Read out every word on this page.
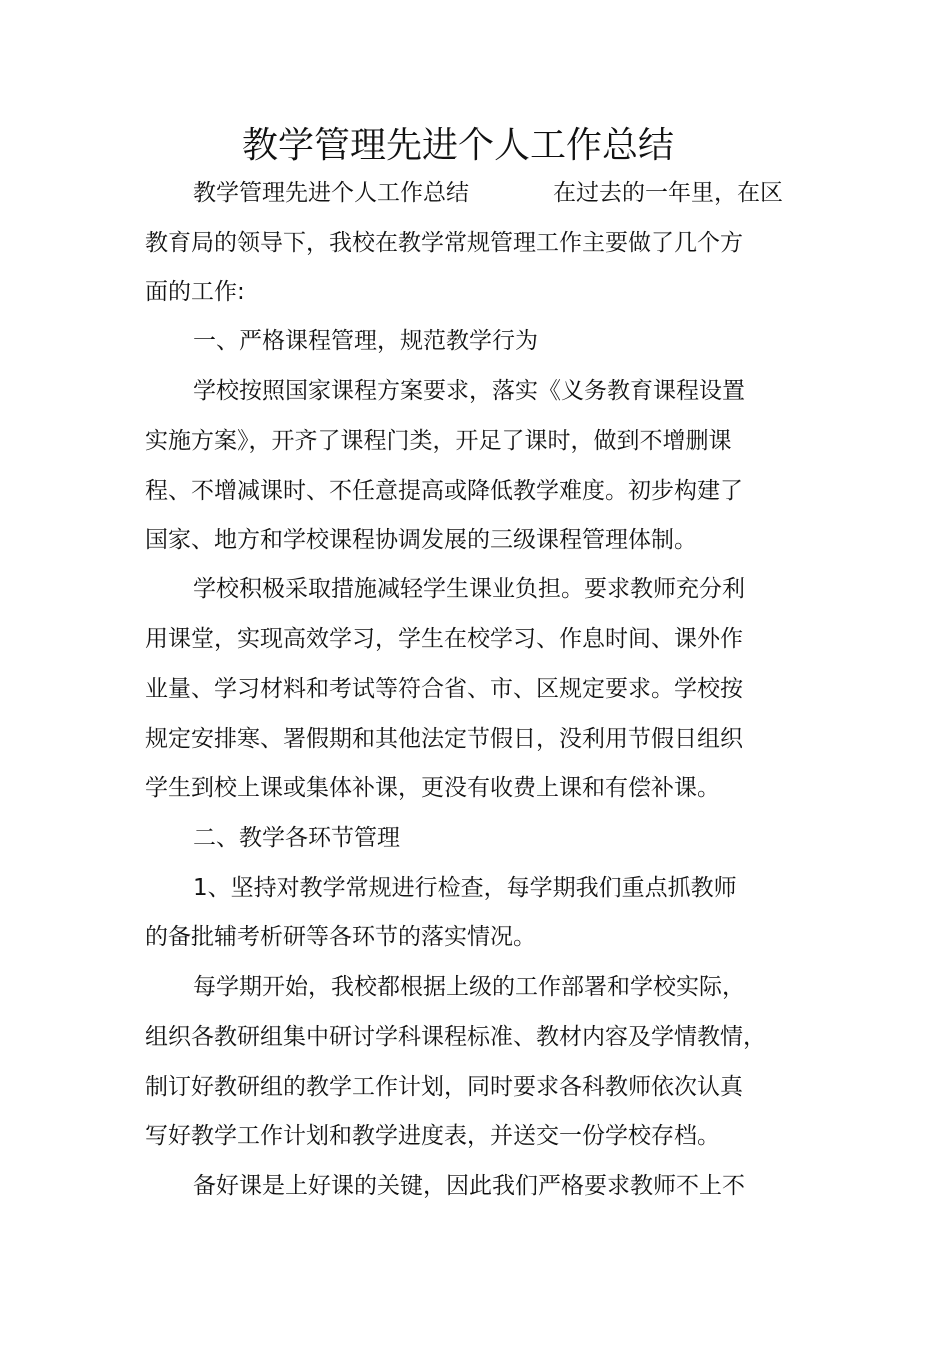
教学管理先进个人工作总结

教学管理先进个人工作总结	在过去的一年里，在区

教育局的领导下，我校在教学常规管理工作主要做了几个方

面的工作:

一、严格课程管理，规范教学行为

学校按照国家课程方案要求，落实《义务教育课程设置

实施方案》，开齐了课程门类，开足了课时，做到不增删课

程、不增减课时、不任意提高或降低教学难度。初步构建了

国家、地方和学校课程协调发展的三级课程管理体制。

学校积极采取措施减轻学生课业负担。要求教师充分利

用课堂，实现高效学习，学生在校学习、作息时间、课外作

业量、学习材料和考试等符合省、市、区规定要求。学校按

规定安排寒、署假期和其他法定节假日，没利用节假日组织

学生到校上课或集体补课，更没有收费上课和有偿补课。

二、教学各环节管理

1、坚持对教学常规进行检查，每学期我们重点抓教师

的备批辅考析研等各环节的落实情况。

每学期开始，我校都根据上级的工作部署和学校实际，

组织各教研组集中研讨学科课程标准、教材内容及学情教情，

制订好教研组的教学工作计划，同时要求各科教师依次认真

写好教学工作计划和教学进度表，并送交一份学校存档。

备好课是上好课的关键，因此我们严格要求教师不上不
